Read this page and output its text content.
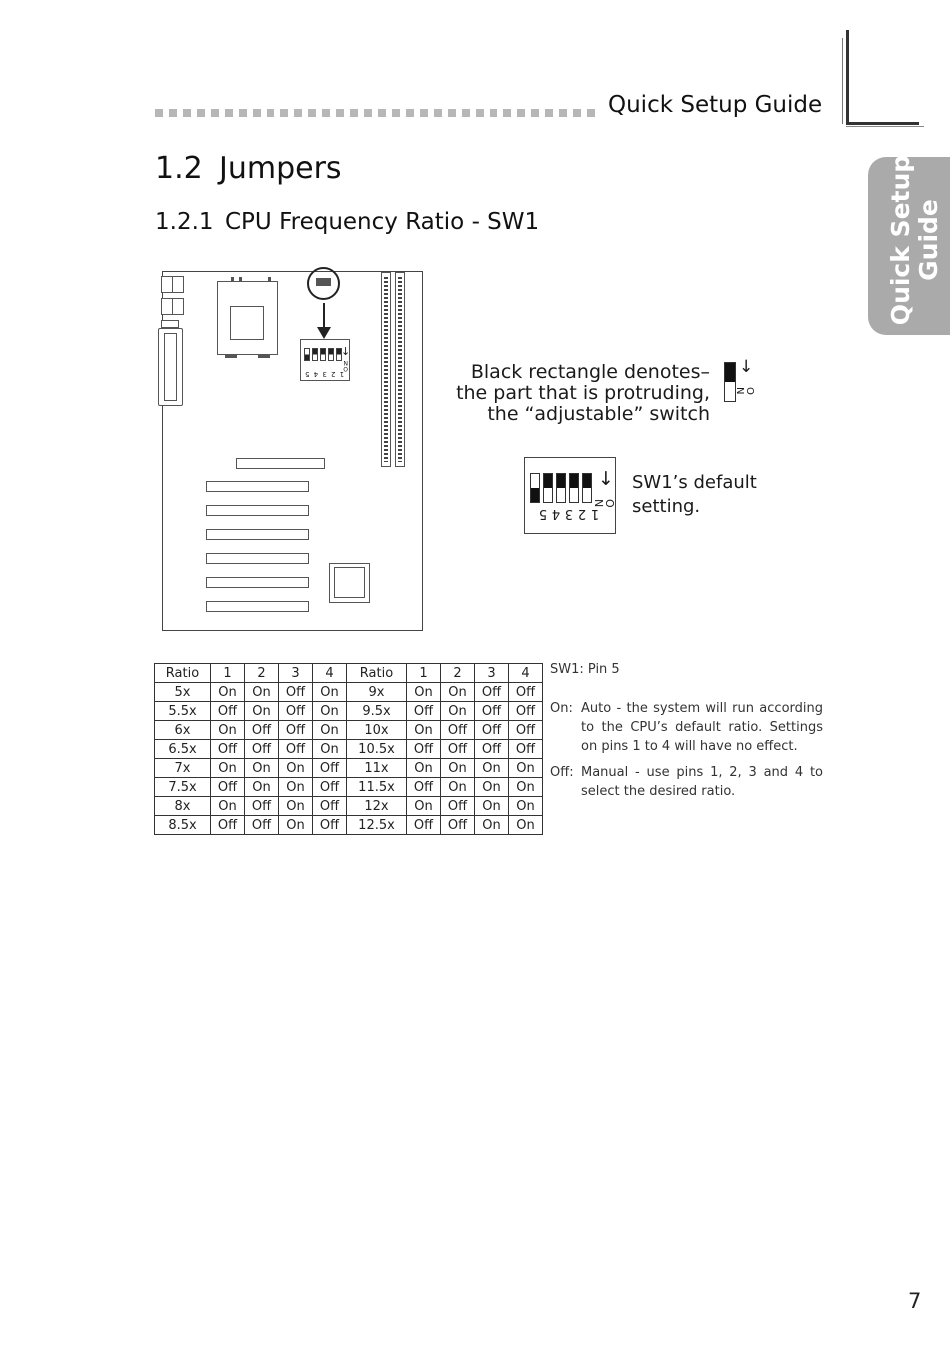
Quick Setup Guide
Quick Setup Guide
1.2 Jumpers
1.2.1 CPU Frequency Ratio - SW1
↓
1 2 3 4 5
ON	Black rectangle denotes–
the part that is protruding,
the “adjustable” switch
↓
ON
↓
ON
1
2
3
4
5
SW1’s default setting.
Ratio	1	2	3	4	Ratio	1	2	3	4
5x	On	On	Off	On	9x	On	On	Off	Off
5.5x	Off	On	Off	On	9.5x	Off	On	Off	Off
6x	On	Off	Off	On	10x	On	Off	Off	Off
6.5x	Off	Off	Off	On	10.5x	Off	Off	Off	Off
7x	On	On	On	Off	11x	On	On	On	On
7.5x	Off	On	On	Off	11.5x	Off	On	On	On
8x	On	Off	On	Off	12x	On	Off	On	On
8.5x	Off	Off	On	Off	12.5x	Off	Off	On	On
SW1: Pin 5
On: Auto - the system will run according to the CPU’s default ratio. Settings on pins 1 to 4 will have no effect.
Off: Manual - use pins 1, 2, 3 and 4 to select the desired ratio.
7
